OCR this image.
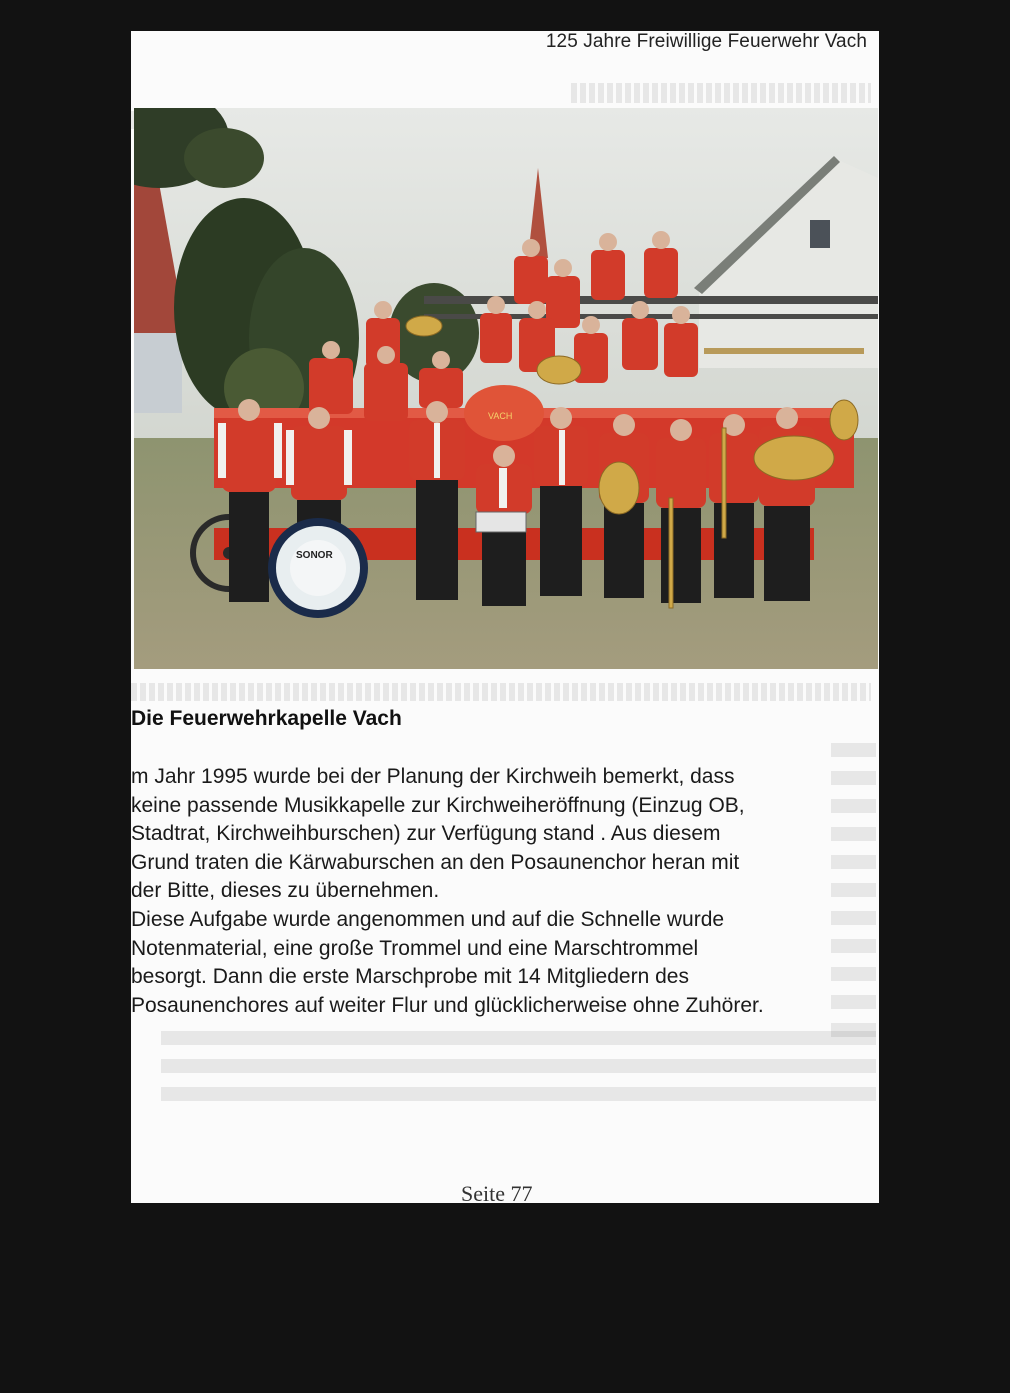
125 Jahre Freiwillige Feuerwehr Vach
VACH
SONOR
Die Feuerwehrkapelle Vach
m Jahr 1995 wurde bei der Planung der Kirchweih bemerkt, dass
keine passende Musikkapelle zur Kirchweiheröffnung (Einzug OB,
Stadtrat, Kirchweihburschen) zur Verfügung stand . Aus diesem
Grund traten die Kärwaburschen an den Posaunenchor heran mit
der Bitte, dieses zu übernehmen.
Diese Aufgabe wurde angenommen und auf die Schnelle wurde
Notenmaterial, eine große Trommel und eine Marschtrommel
besorgt. Dann die erste Marschprobe mit 14 Mitgliedern des
Posaunenchores auf weiter Flur und glücklicherweise ohne Zuhörer.
Seite 77
